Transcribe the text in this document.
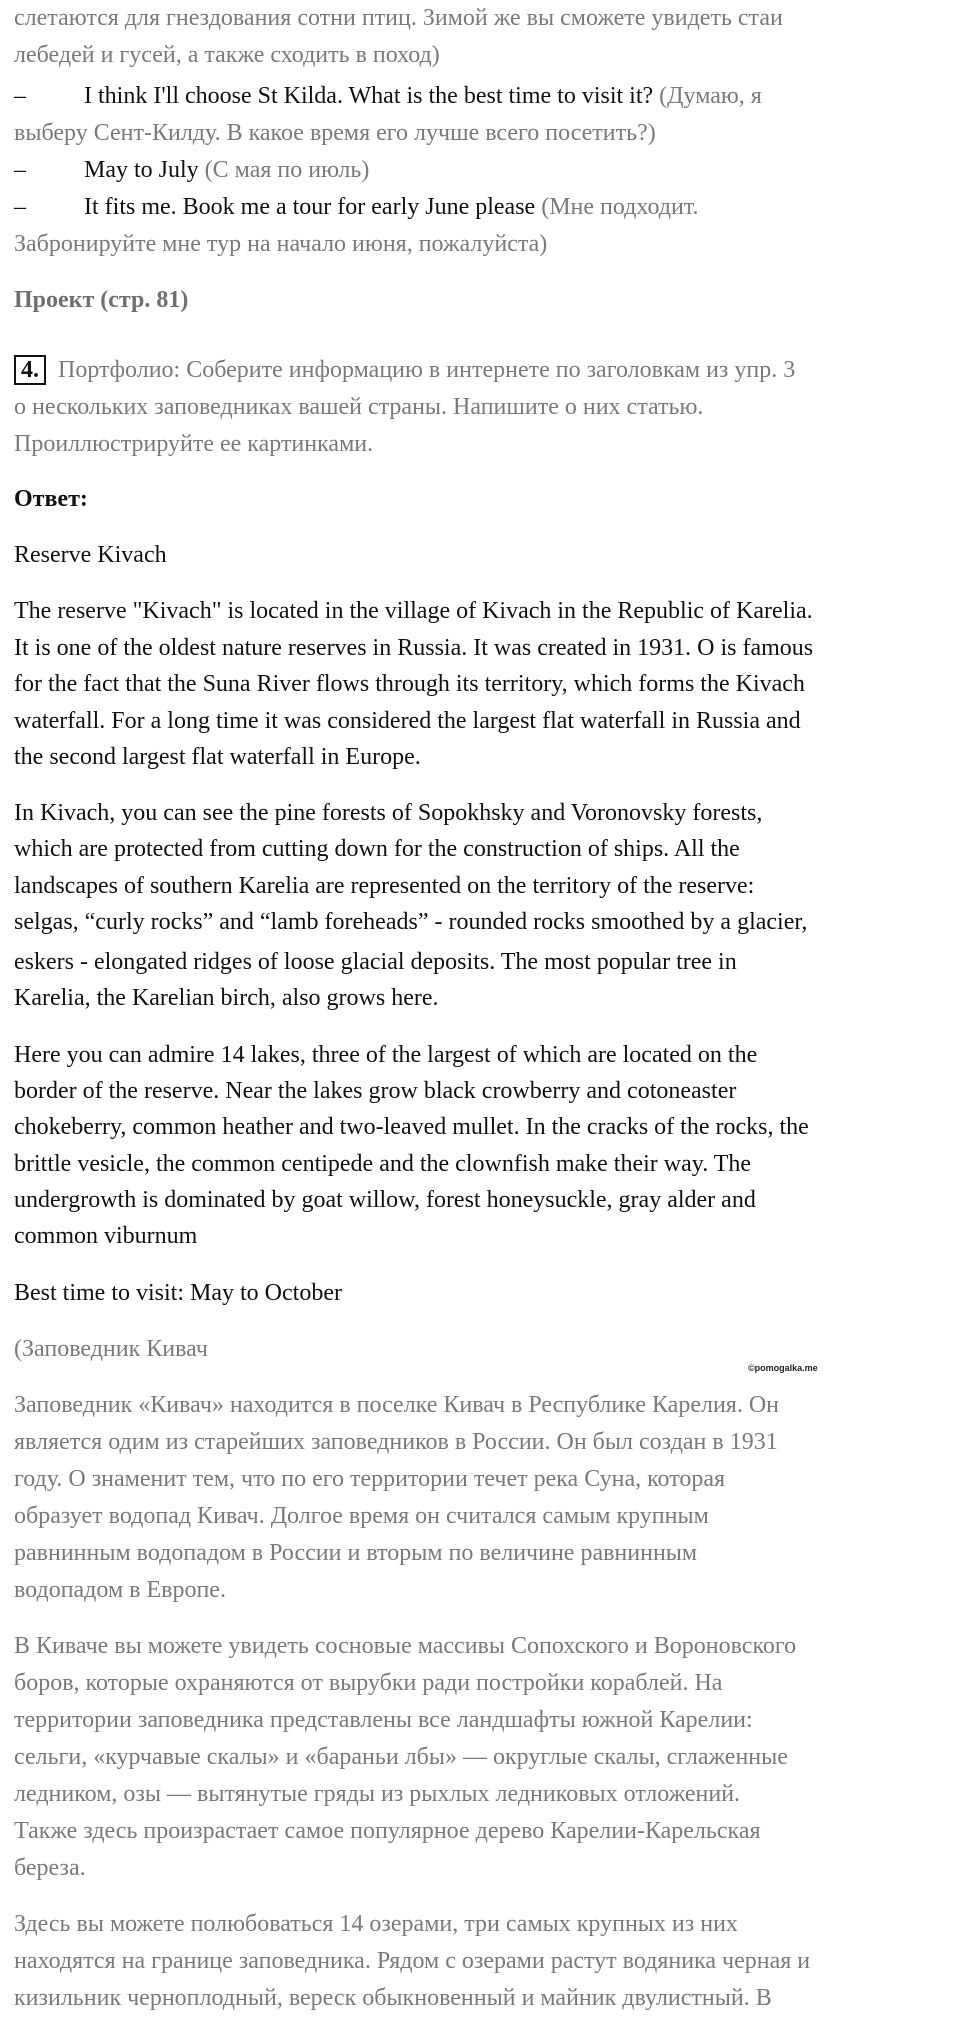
слетаются для гнездования сотни птиц. Зимой же вы сможете увидеть стаи

лебедей и гусей, а также сходить в поход)

– I think I'll choose St Kilda. What is the best time to visit it? (Думаю, я

выберу Сент-Килду. В какое время его лучше всего посетить?)

– May to July (С мая по июль)

– It fits me. Book me a tour for early June please (Мне подходит.

Забронируйте мне тур на начало июня, пожалуйста)

Проект (стр. 81)

4. Портфолио: Соберите информацию в интернете по заголовкам из упр. 3

о нескольких заповедниках вашей страны. Напишите о них статью.

Проиллюстрируйте ее картинками.

Ответ:

Reserve Kivach

The reserve "Kivach" is located in the village of Kivach in the Republic of Karelia.

It is one of the oldest nature reserves in Russia. It was created in 1931. O is famous

for the fact that the Suna River flows through its territory, which forms the Kivach

waterfall. For a long time it was considered the largest flat waterfall in Russia and

the second largest flat waterfall in Europe.

In Kivach, you can see the pine forests of Sopokhsky and Voronovsky forests,

which are protected from cutting down for the construction of ships. All the

landscapes of southern Karelia are represented on the territory of the reserve:

selgas, “curly rocks” and “lamb foreheads” - rounded rocks smoothed by a glacier,

eskers - elongated ridges of loose glacial deposits. The most popular tree in

Karelia, the Karelian birch, also grows here.

Here you can admire 14 lakes, three of the largest of which are located on the

border of the reserve. Near the lakes grow black crowberry and cotoneaster

chokeberry, common heather and two-leaved mullet. In the cracks of the rocks, the

brittle vesicle, the common centipede and the clownfish make their way. The

undergrowth is dominated by goat willow, forest honeysuckle, gray alder and

common viburnum

Best time to visit: May to October

(Заповедник Кивач

©pomogalka.me

Заповедник «Кивач» находится в поселке Кивач в Республике Карелия. Он

является одим из старейших заповедников в России. Он был создан в 1931

году. О знаменит тем, что по его территории течет река Суна, которая

образует водопад Кивач. Долгое время он считался самым крупным

равнинным водопадом в России и вторым по величине равнинным

водопадом в Европе.

В Киваче вы можете увидеть сосновые массивы Сопохского и Вороновского

боров, которые охраняются от вырубки ради постройки кораблей. На

территории заповедника представлены все ландшафты южной Карелии:

сельги, «курчавые скалы» и «бараньи лбы» — округлые скалы, сглаженные

ледником, озы — вытянутые гряды из рыхлых ледниковых отложений.

Также здесь произрастает самое популярное дерево Карелии-Карельская

береза.

Здесь вы можете полюбоваться 14 озерами, три самых крупных из них

находятся на границе заповедника. Рядом с озерами растут водяника черная и

кизильник черноплодный, вереск обыкновенный и майник двулистный. В
